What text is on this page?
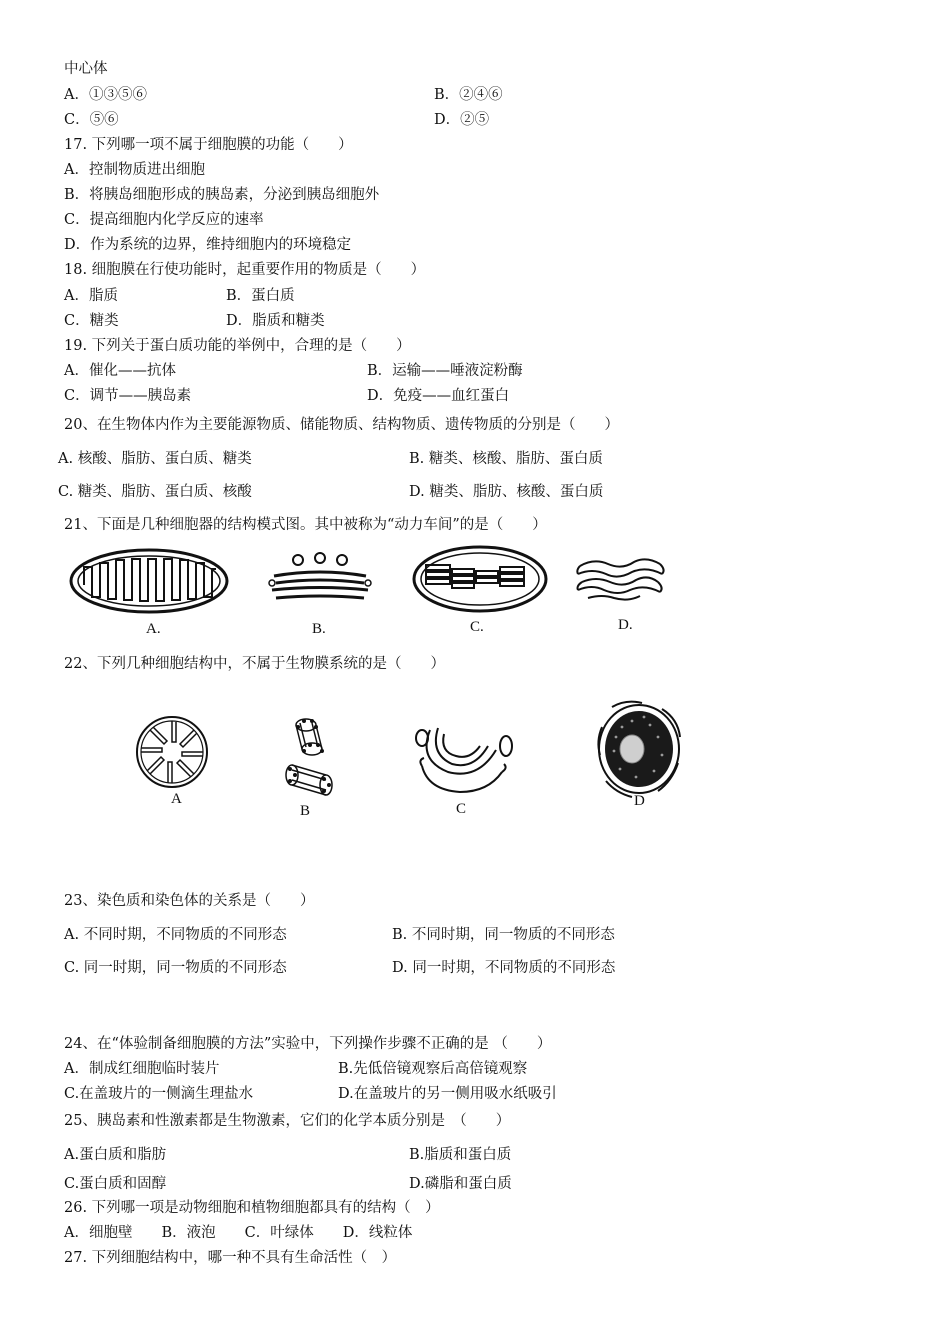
中心体
A．①③⑤⑥	B．②④⑥
C．⑤⑥	D．②⑤
17. 下列哪一项不属于细胞膜的功能（　　）
A．控制物质进出细胞
B．将胰岛细胞形成的胰岛素，分泌到胰岛细胞外
C．提高细胞内化学反应的速率
D．作为系统的边界，维持细胞内的环境稳定
18. 细胞膜在行使功能时，起重要作用的物质是（　　）
A．脂质	B．蛋白质
C．糖类	D．脂质和糖类
19. 下列关于蛋白质功能的举例中，合理的是（　　）
A．催化——抗体	B．运输——唾液淀粉酶
C．调节——胰岛素	D．免疫——血红蛋白
20、在生物体内作为主要能源物质、储能物质、结构物质、遗传物质的分别是（　　）
A. 核酸、脂肪、蛋白质、糖类	B. 糖类、核酸、脂肪、蛋白质
C. 糖类、脂肪、蛋白质、核酸	D. 糖类、脂肪、核酸、蛋白质
21、下面是几种细胞器的结构模式图。其中被称为“动力车间”的是（　　）
A.	B.	C.	D.
22、下列几种细胞结构中，不属于生物膜系统的是（　　）
A
B	C	D
23、染色质和染色体的关系是（　　）
A. 不同时期，不同物质的不同形态	B. 不同时期，同一物质的不同形态
C. 同一时期，同一物质的不同形态	D. 同一时期，不同物质的不同形态
24、在“体验制备细胞膜的方法”实验中，下列操作步骤不正确的是 （　　）
A．制成红细胞临时装片	B.先低倍镜观察后高倍镜观察
C.在盖玻片的一侧滴生理盐水	D.在盖玻片的另一侧用吸水纸吸引
25、胰岛素和性激素都是生物激素，它们的化学本质分别是　（　　）
A.蛋白质和脂肪	B.脂质和蛋白质
C.蛋白质和固醇	D.磷脂和蛋白质
26. 下列哪一项是动物细胞和植物细胞都具有的结构（　）
A．细胞壁　　B．液泡　　C．叶绿体　　D．线粒体
27. 下列细胞结构中，哪一种不具有生命活性（　）
